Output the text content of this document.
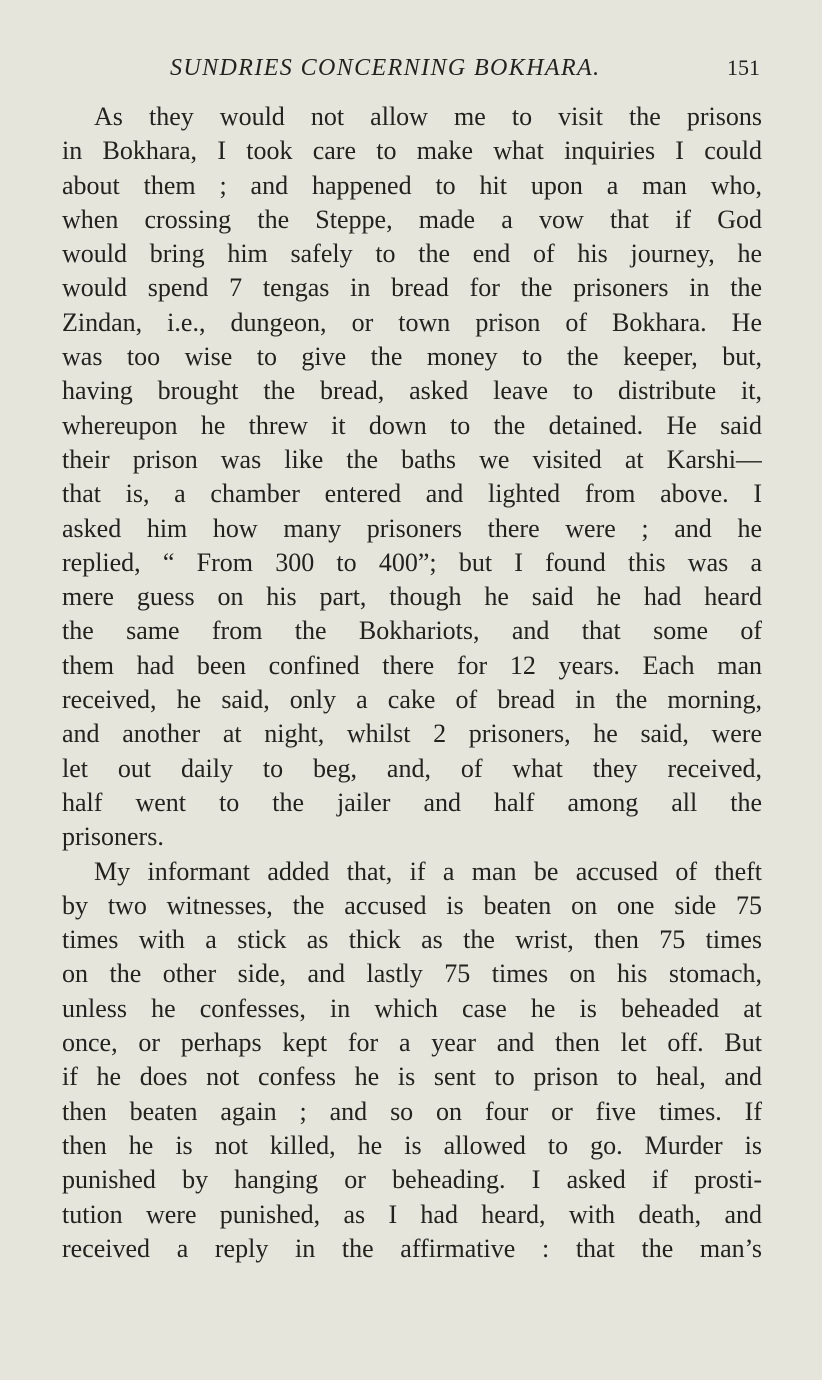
SUNDRIES CONCERNING BOKHARA.	151
As they would not allow me to visit the prisons
in Bokhara, I took care to make what inquiries I could
about them ; and happened to hit upon a man who,
when crossing the Steppe, made a vow that if God
would bring him safely to the end of his journey, he
would spend 7 tengas in bread for the prisoners in the
Zindan, i.e., dungeon, or town prison of Bokhara. He
was too wise to give the money to the keeper, but,
having brought the bread, asked leave to distribute it,
whereupon he threw it down to the detained. He said
their prison was like the baths we visited at Karshi—
that is, a chamber entered and lighted from above. I
asked him how many prisoners there were ; and he
replied, “ From 300 to 400”; but I found this was a
mere guess on his part, though he said he had heard
the same from the Bokhariots, and that some of
them had been confined there for 12 years. Each man
received, he said, only a cake of bread in the morning,
and another at night, whilst 2 prisoners, he said, were
let out daily to beg, and, of what they received,
half went to the jailer and half among all the
prisoners.
My informant added that, if a man be accused of theft
by two witnesses, the accused is beaten on one side 75
times with a stick as thick as the wrist, then 75 times
on the other side, and lastly 75 times on his stomach,
unless he confesses, in which case he is beheaded at
once, or perhaps kept for a year and then let off. But
if he does not confess he is sent to prison to heal, and
then beaten again ; and so on four or five times. If
then he is not killed, he is allowed to go. Murder is
punished by hanging or beheading. I asked if prosti-
tution were punished, as I had heard, with death, and
received a reply in the affirmative : that the man’s
